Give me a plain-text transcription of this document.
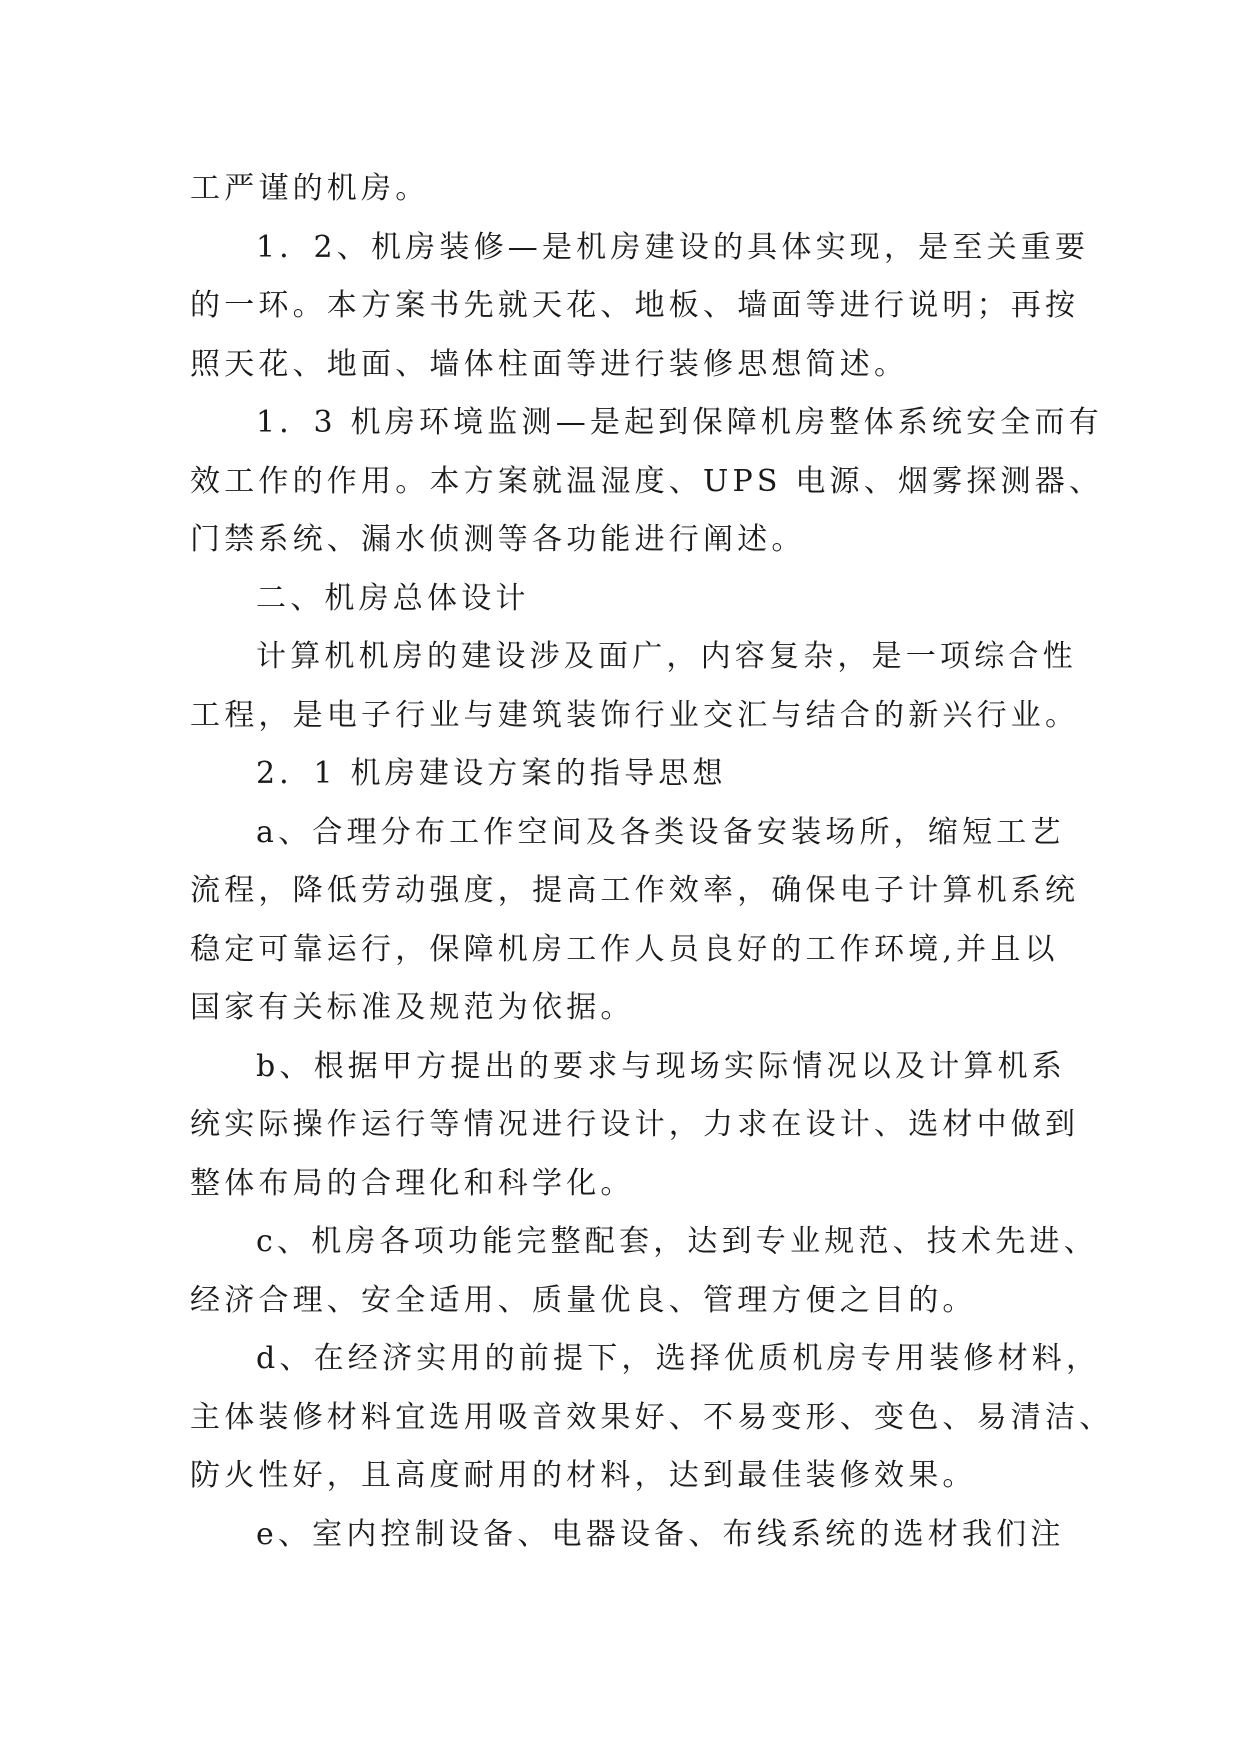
工严谨的机房。
1．2、机房装修—是机房建设的具体实现，是至关重要
的一环。本方案书先就天花、地板、墙面等进行说明；再按
照天花、地面、墙体柱面等进行装修思想简述。
1．3 机房环境监测—是起到保障机房整体系统安全而有
效工作的作用。本方案就温湿度、UPS 电源、烟雾探测器、
门禁系统、漏水侦测等各功能进行阐述。
二、机房总体设计
计算机机房的建设涉及面广，内容复杂，是一项综合性
工程，是电子行业与建筑装饰行业交汇与结合的新兴行业。
2．1 机房建设方案的指导思想
a、合理分布工作空间及各类设备安装场所，缩短工艺
流程，降低劳动强度，提高工作效率，确保电子计算机系统
稳定可靠运行，保障机房工作人员良好的工作环境,并且以
国家有关标准及规范为依据。
b、根据甲方提出的要求与现场实际情况以及计算机系
统实际操作运行等情况进行设计，力求在设计、选材中做到
整体布局的合理化和科学化。
c、机房各项功能完整配套，达到专业规范、技术先进、
经济合理、安全适用、质量优良、管理方便之目的。
d、在经济实用的前提下，选择优质机房专用装修材料，
主体装修材料宜选用吸音效果好、不易变形、变色、易清洁、
防火性好，且高度耐用的材料，达到最佳装修效果。
e、室内控制设备、电器设备、布线系统的选材我们注
